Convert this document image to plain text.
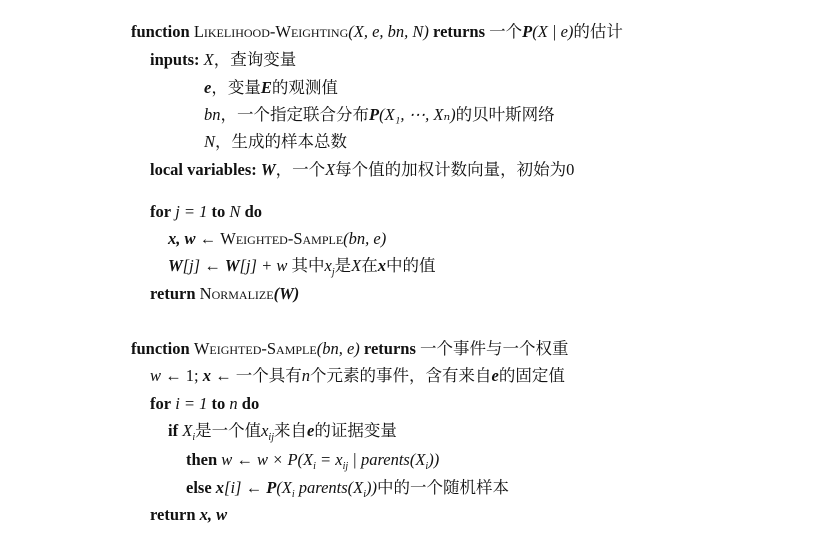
function Likelihood-Weighting(X, e, bn, N) returns 一个P(X | e)的估计
inputs: X，查询变量
e，变量E的观测值
bn，一个指定联合分布P(X₁, ⋯, Xₙ)的贝叶斯网络
N，生成的样本总数
local variables: W，一个X每个值的加权计数向量，初始为0
for j = 1 to N do
x, w ← Weighted-Sample(bn, e)
W[j] ← W[j] + w 其中$x_j$是X在x中的值
return Normalize(W)
function Weighted-Sample(bn, e) returns 一个事件与一个权重
w ← 1; x ← 一个具有n个元素的事件，含有来自e的固定值
for i = 1 to n do
if $X_i$是一个值$x_{ij}$来自e的证据变量
then w ← $w \times P(X_i = x_{ij}$ | $parents(X_i)$)
else x[i] ← $P(X_i$ $parents(X_i)$)中的一个随机样本
return x, w
